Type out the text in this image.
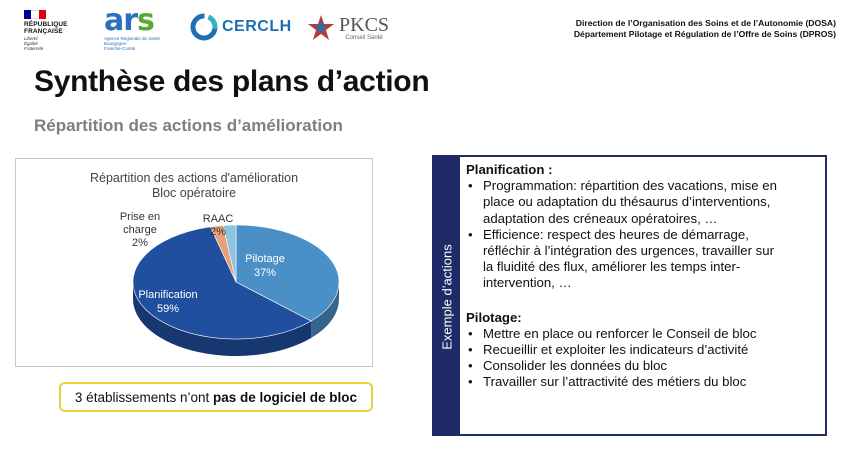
RÉPUBLIQUE
FRANÇAISE
Liberté
Égalité
Fraternité
ars
Agence Régionale de Santé
Bourgogne-
Franche-Comté
CERCLH PKCS
Conseil Santé
Direction de l’Organisation des Soins et de l’Autonomie (DOSA)
Département Pilotage et Régulation de l’Offre de Soins (DPROS)
Synthèse des plans d’action
Répartition des actions d’amélioration
Répartition des actions d'amélioration
Bloc opératoire
Pilotage
37%
Planification
59%
Prise en
charge
2%
RAAC
2%
3 établissements n’ont pas de logiciel de bloc
Exemple d’actions
Planification :
• Programmation: répartition des vacations, mise en
place ou adaptation du thésaurus d’interventions,
adaptation des créneaux opératoires, …
• Efficience: respect des heures de démarrage,
réfléchir à l’intégration des urgences, travailler sur
la fluidité des flux, améliorer les temps inter-
intervention, …
Pilotage:
• Mettre en place ou renforcer le Conseil de bloc
• Recueillir et exploiter les indicateurs d’activité
• Consolider les données du bloc
• Travailler sur l’attractivité des métiers du bloc
